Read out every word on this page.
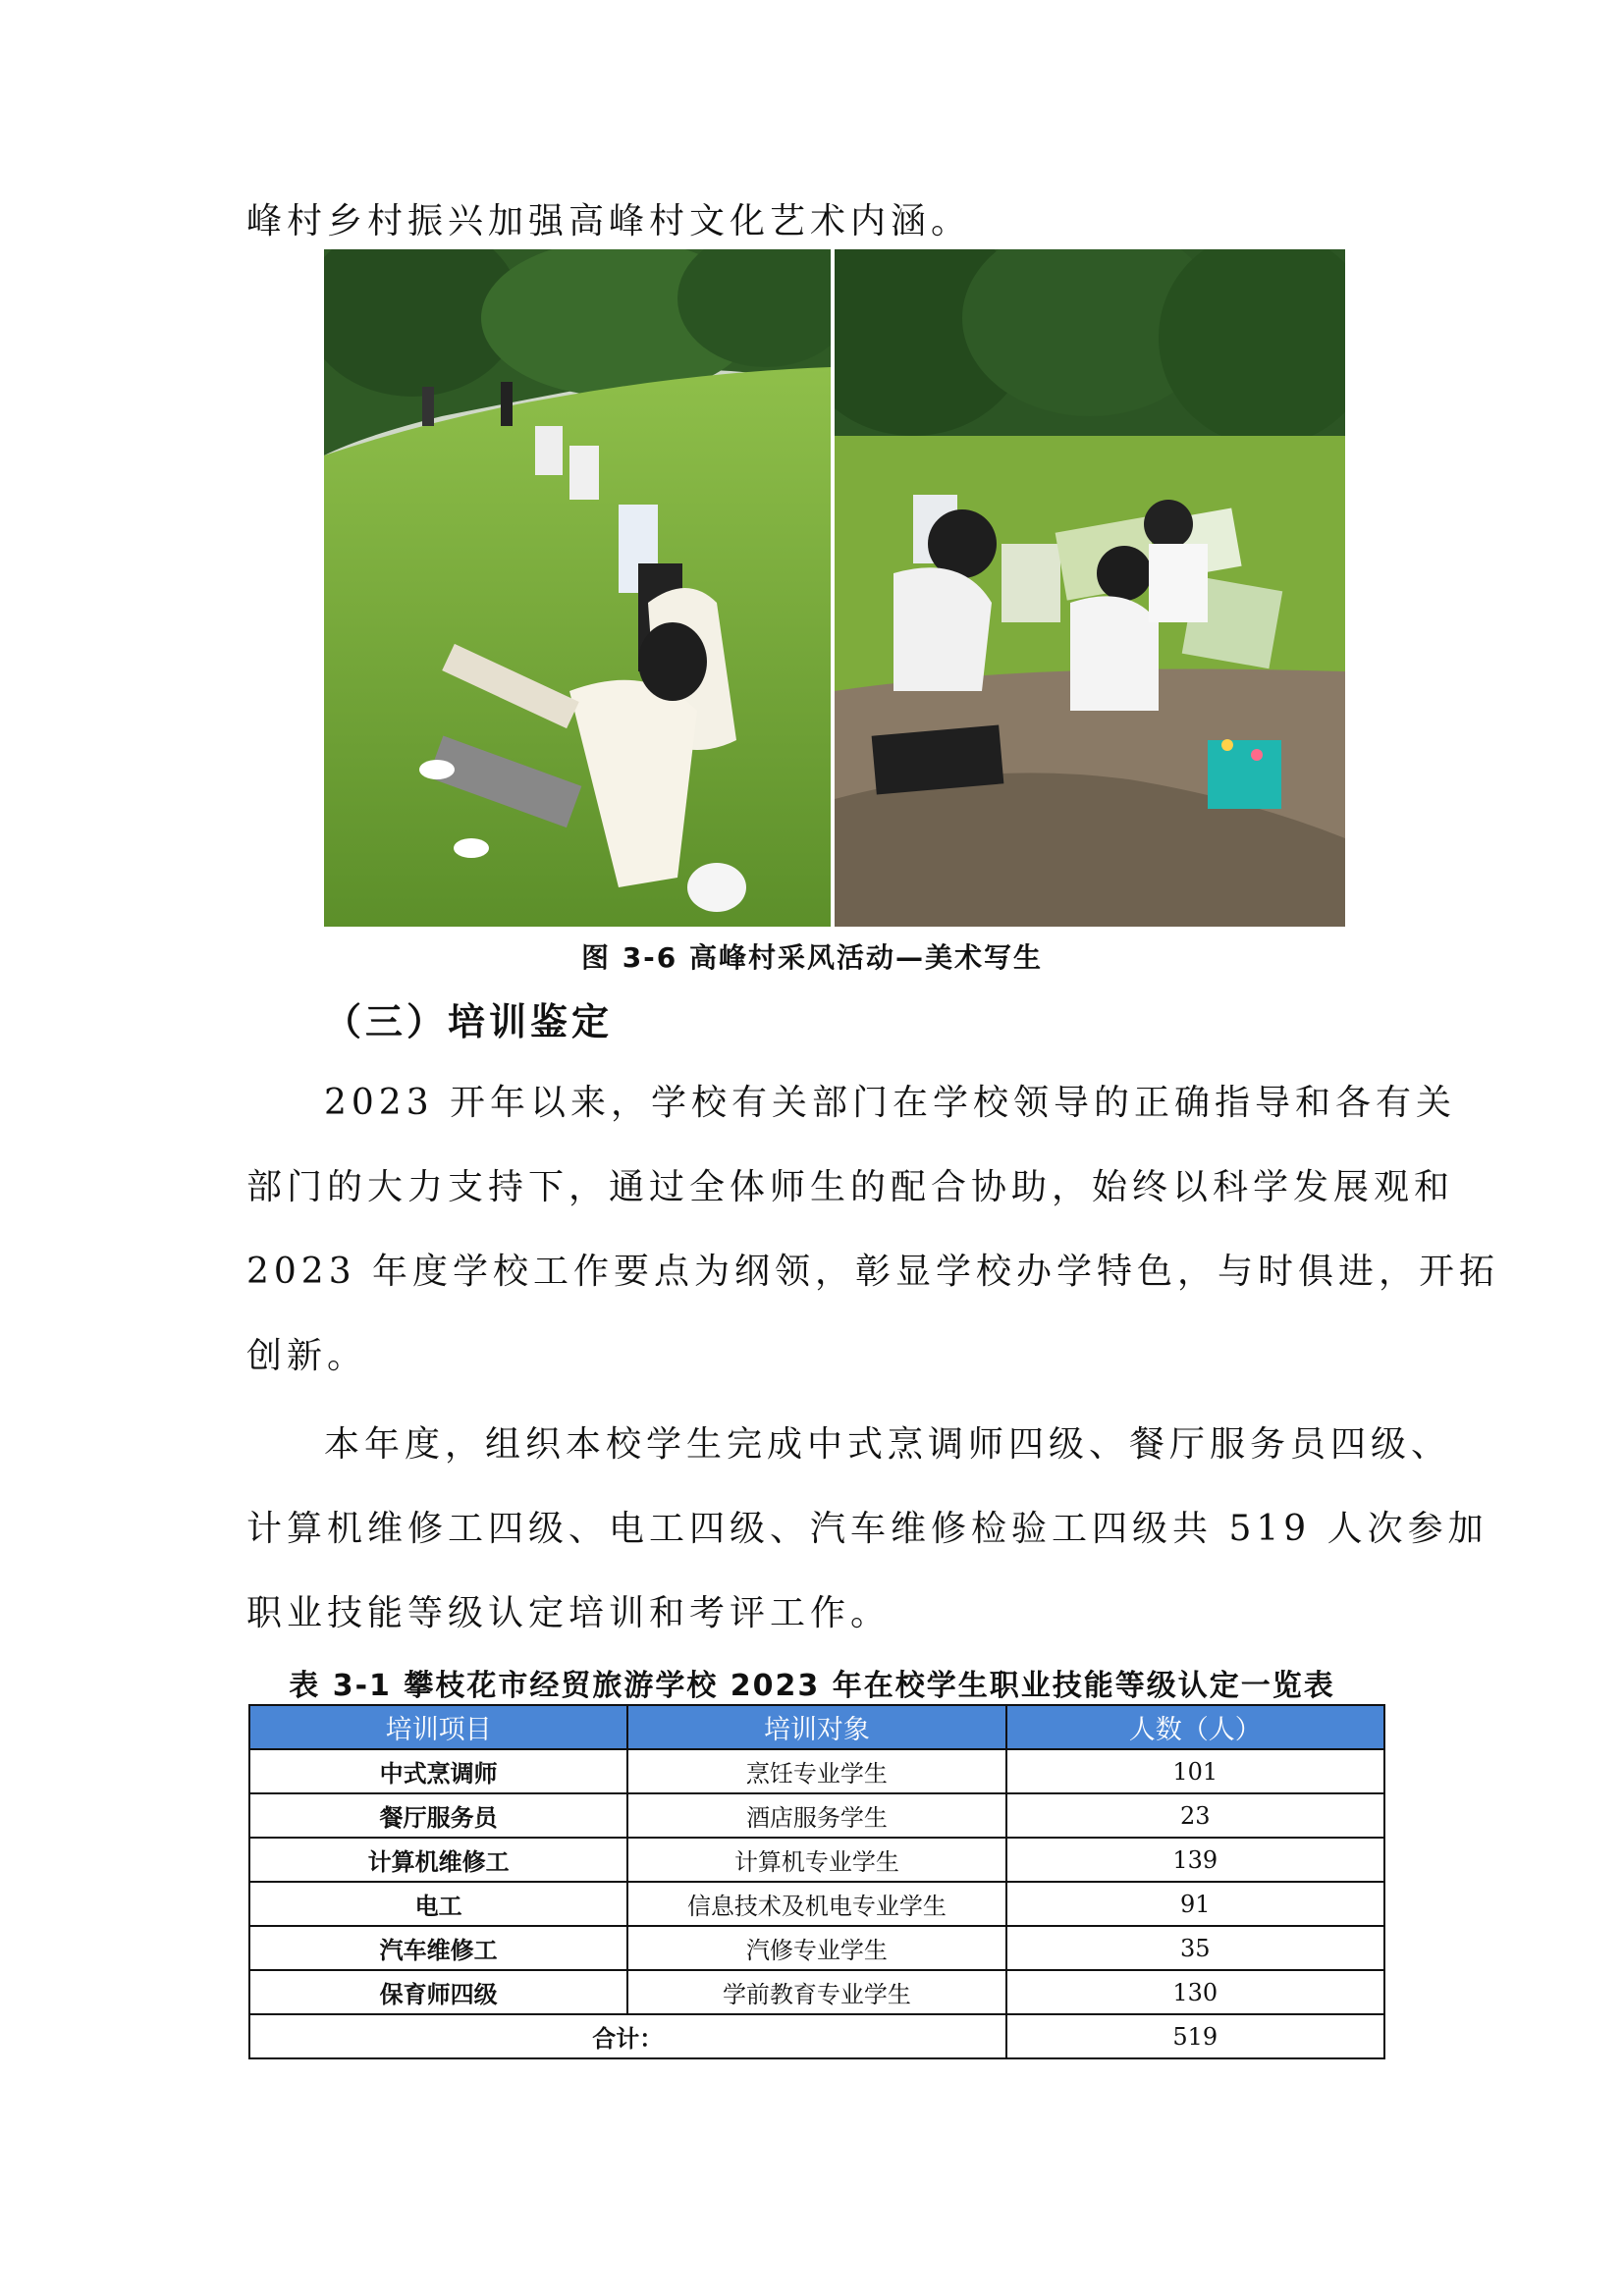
峰村乡村振兴加强高峰村文化艺术内涵。
图 3-6 高峰村采风活动—美术写生
（三）培训鉴定
2023 开年以来，学校有关部门在学校领导的正确指导和各有关
部门的大力支持下，通过全体师生的配合协助，始终以科学发展观和
2023 年度学校工作要点为纲领，彰显学校办学特色，与时俱进，开拓
创新。
本年度，组织本校学生完成中式烹调师四级、餐厅服务员四级、
计算机维修工四级、电工四级、汽车维修检验工四级共 519 人次参加
职业技能等级认定培训和考评工作。
表 3-1 攀枝花市经贸旅游学校 2023 年在校学生职业技能等级认定一览表
培训项目	培训对象	人数（人）
中式烹调师	烹饪专业学生	101
餐厅服务员	酒店服务学生	23
计算机维修工	计算机专业学生	139
电工	信息技术及机电专业学生	91
汽车维修工	汽修专业学生	35
保育师四级	学前教育专业学生	130
合计：		519
